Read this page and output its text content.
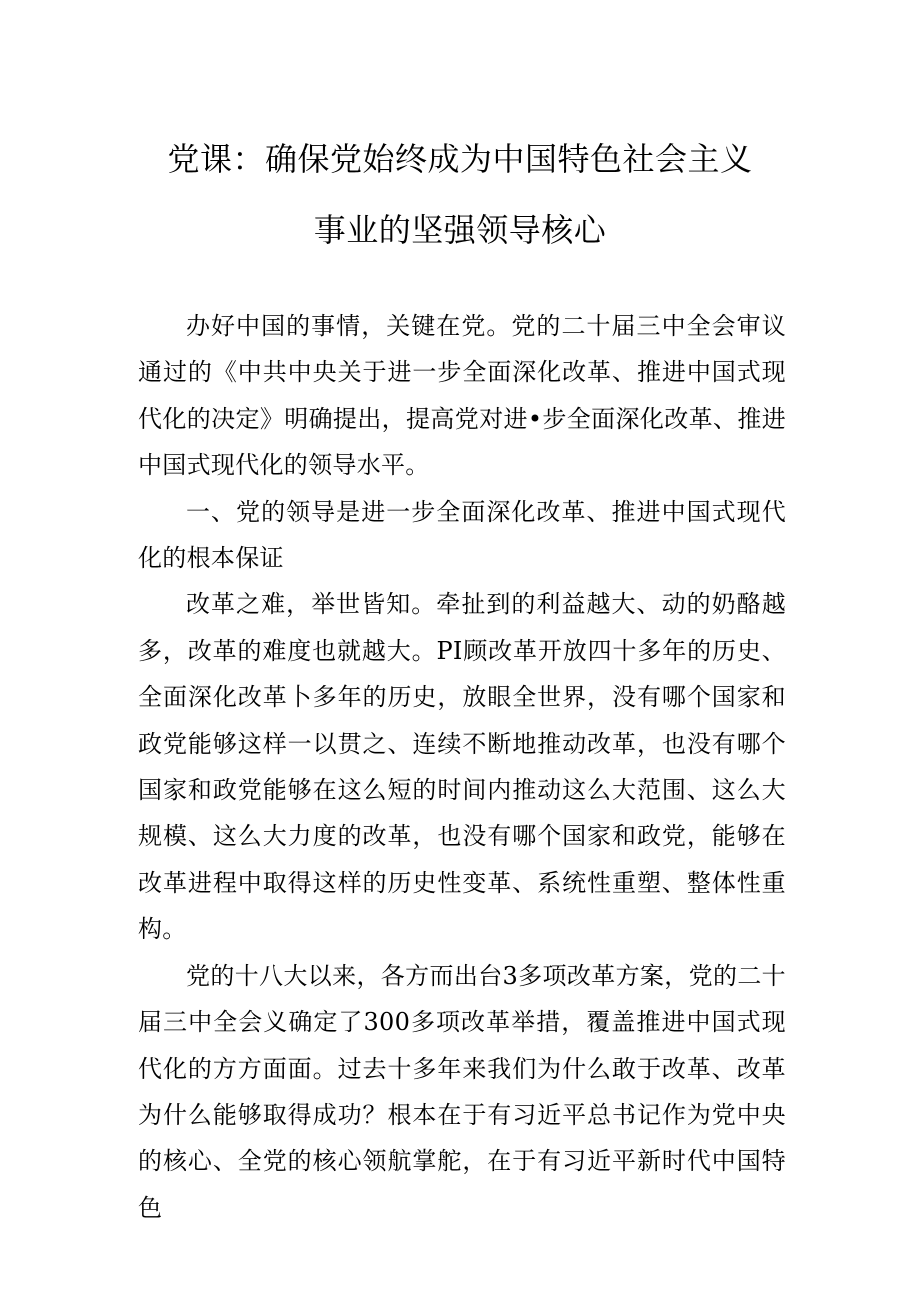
党课：确保党始终成为中国特色社会主义
事业的坚强领导核心

办好中国的事情，关键在党。党的二十届三中全会审议通过的《中共中央关于进一步全面深化改革、推进中国式现代化的决定》明确提出，提高党对进•步全面深化改革、推进中国式现代化的领导水平。

一、党的领导是进一步全面深化改革、推进中国式现代化的根本保证

改革之难，举世皆知。牵扯到的利益越大、动的奶酪越多，改革的难度也就越大。PI顾改革开放四十多年的历史、全面深化改革卜多年的历史，放眼全世界，没有哪个国家和政党能够这样一以贯之、连续不断地推动改革，也没有哪个国家和政党能够在这么短的时间内推动这么大范围、这么大规模、这么大力度的改革，也没有哪个国家和政党，能够在改革进程中取得这样的历史性变革、系统性重塑、整体性重构。

党的十八大以来，各方而出台3多项改革方案，党的二十届三中全会义确定了300多项改革举措，覆盖推进中国式现代化的方方面面。过去十多年来我们为什么敢于改革、改革为什么能够取得成功？根本在于有习近平总书记作为党中央的核心、全党的核心领航掌舵，在于有习近平新时代中国特色
